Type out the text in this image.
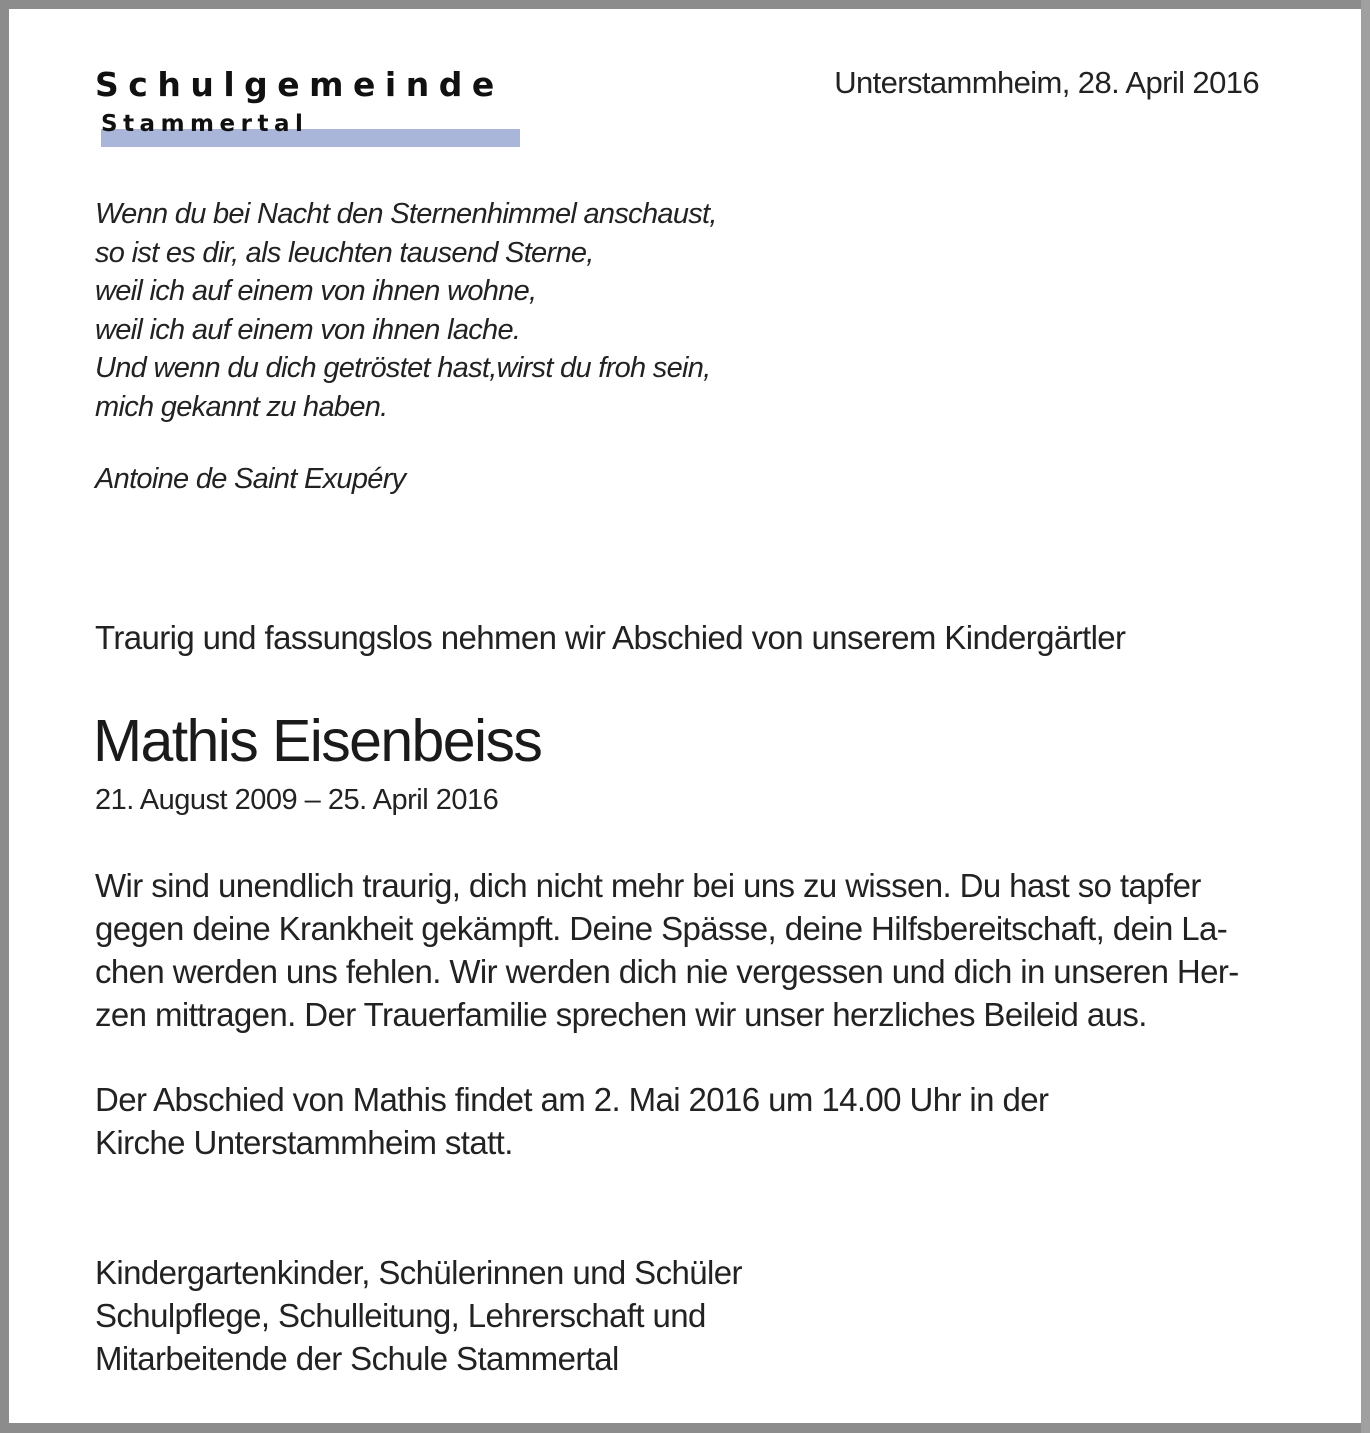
Schulgemeinde
Stammertal
Unterstammheim, 28. April 2016
Wenn du bei Nacht den Sternenhimmel anschaust,
so ist es dir, als leuchten tausend Sterne,
weil ich auf einem von ihnen wohne,
weil ich auf einem von ihnen lache.
Und wenn du dich getröstet hast,wirst du froh sein,
mich gekannt zu haben.
Antoine de Saint Exupéry
Traurig und fassungslos nehmen wir Abschied von unserem Kindergärtler
Mathis Eisenbeiss
21. August 2009 – 25. April 2016
Wir sind unendlich traurig, dich nicht mehr bei uns zu wissen. Du hast so tapfer
gegen deine Krankheit gekämpft. Deine Spässe, deine Hilfsbereitschaft, dein La-
chen werden uns fehlen. Wir werden dich nie vergessen und dich in unseren Her-
zen mittragen. Der Trauerfamilie sprechen wir unser herzliches Beileid aus.
Der Abschied von Mathis findet am 2. Mai 2016 um 14.00 Uhr in der
Kirche Unterstammheim statt.
Kindergartenkinder, Schülerinnen und Schüler
Schulpflege, Schulleitung, Lehrerschaft und
Mitarbeitende der Schule Stammertal
